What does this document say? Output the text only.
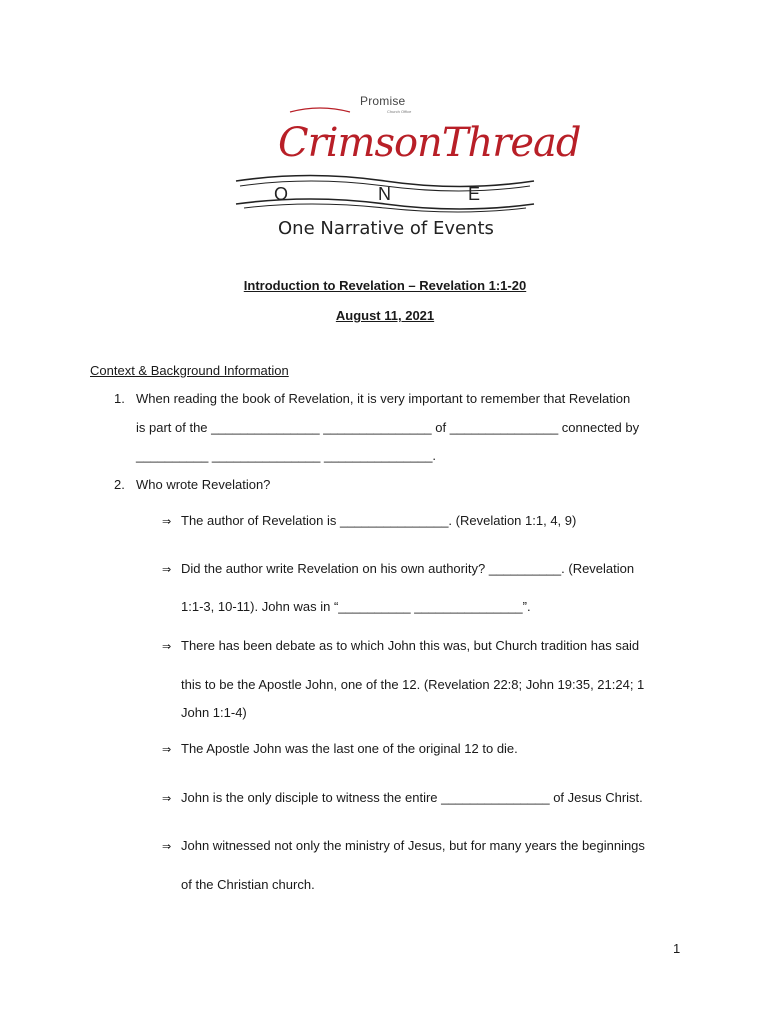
Promise
Church Office
CrimsonThread
O	N	E
One Narrative of Events
Introduction to Revelation – Revelation 1:1-20
August 11, 2021
Context & Background Information
1. When reading the book of Revelation, it is very important to remember that Revelation
is part of the _______________ _______________ of _______________ connected by
__________ _______________ _______________.
2. Who wrote Revelation?
⇒ The author of Revelation is _______________. (Revelation 1:1, 4, 9)
⇒ Did the author write Revelation on his own authority? __________. (Revelation
1:1-3, 10-11). John was in “__________ _______________”.
⇒ There has been debate as to which John this was, but Church tradition has said
this to be the Apostle John, one of the 12. (Revelation 22:8; John 19:35, 21:24; 1
John 1:1-4)
⇒ The Apostle John was the last one of the original 12 to die.
⇒ John is the only disciple to witness the entire _______________ of Jesus Christ.
⇒ John witnessed not only the ministry of Jesus, but for many years the beginnings
of the Christian church.
1
